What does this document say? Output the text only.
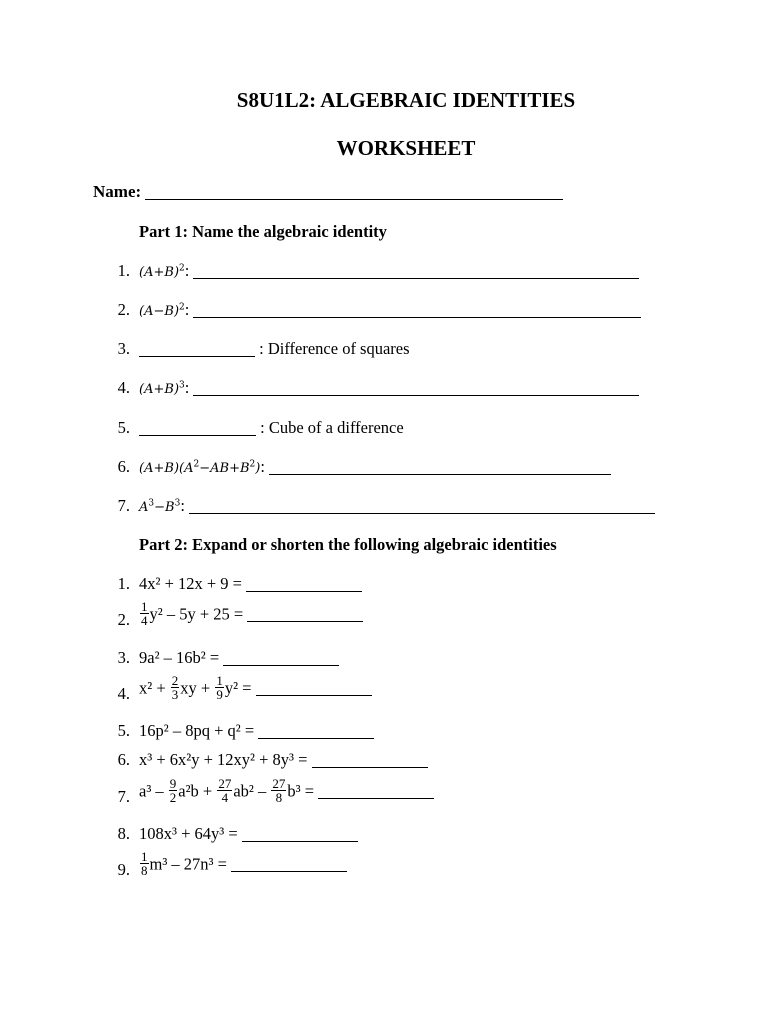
S8U1L2: ALGEBRAIC IDENTITIES
WORKSHEET
Name:
Part 1: Name the algebraic identity
1. $(A+B)^2$:
2. $(A-B)^2$:
3.	: Difference of squares
4. $(A+B)^3$:
5.	: Cube of a difference
6. $(A+B)(A^2-AB+B^2)$:
7. $A^3-B^3$:
Part 2: Expand or shorten the following algebraic identities
1. 4x² + 12x + 9 =
2. $\frac{1}{4} y^2 - 5y + 25$ =
3. 9a² – 16b² =
4. $x^2 + \frac{2}{3}$ xy + $\frac{1}{9} y^2$ =
5. 16p² – 8pq + q² =
6. x³ + 6x²y + 12xy² + 8y³ =
7. $a^3 - \frac{9}{2} a^2b + \frac{27}{4} ab^2 - \frac{27}{8} b^3$ =
8. 108x³ + 64y³ =
9. $\frac{1}{8} m^3 - 27n^3$ =
